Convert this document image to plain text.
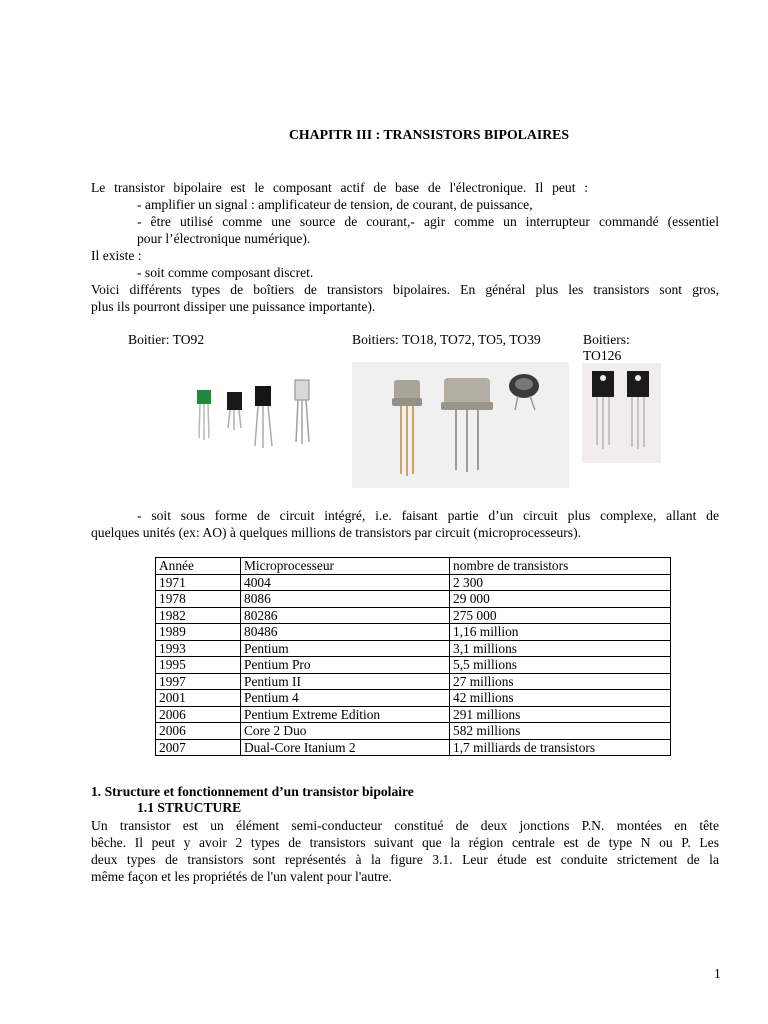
CHAPITR III : TRANSISTORS BIPOLAIRES
Le transistor bipolaire est le composant actif de base de l'électronique. Il peut :
- amplifier un signal : amplificateur de tension, de courant, de puissance,
- être utilisé comme une source de courant,- agir comme un interrupteur commandé (essentiel
pour l’électronique numérique).
Il existe :
- soit comme composant discret.
Voici différents types de boîtiers de transistors bipolaires. En général plus les transistors sont gros,
plus ils pourront dissiper une puissance importante).
Boitier: TO92	Boitiers: TO18, TO72, TO5, TO39	Boitiers:
TO126
- soit sous forme de circuit intégré, i.e. faisant partie d’un circuit plus complexe, allant de
quelques unités (ex: AO) à quelques millions de transistors par circuit (microprocesseurs).
Année	Microprocesseur	nombre de transistors
1971	4004	2 300
1978	8086	29 000
1982	80286	275 000
1989	80486	1,16 million
1993	Pentium	3,1 millions
1995	Pentium Pro	5,5 millions
1997	Pentium II	27 millions
2001	Pentium 4	42 millions
2006	Pentium Extreme Edition	291 millions
2006	Core 2 Duo	582 millions
2007	Dual-Core Itanium 2	1,7 milliards de transistors
1. Structure et fonctionnement d’un transistor bipolaire
1.1 STRUCTURE
Un transistor est un élément semi-conducteur constitué de deux jonctions P.N. montées en tête
bêche. Il peut y avoir 2 types de transistors suivant que la région centrale est de type N ou P. Les
deux types de transistors sont représentés à la figure 3.1. Leur étude est conduite strictement de la
même façon et les propriétés de l'un valent pour l'autre.
1
